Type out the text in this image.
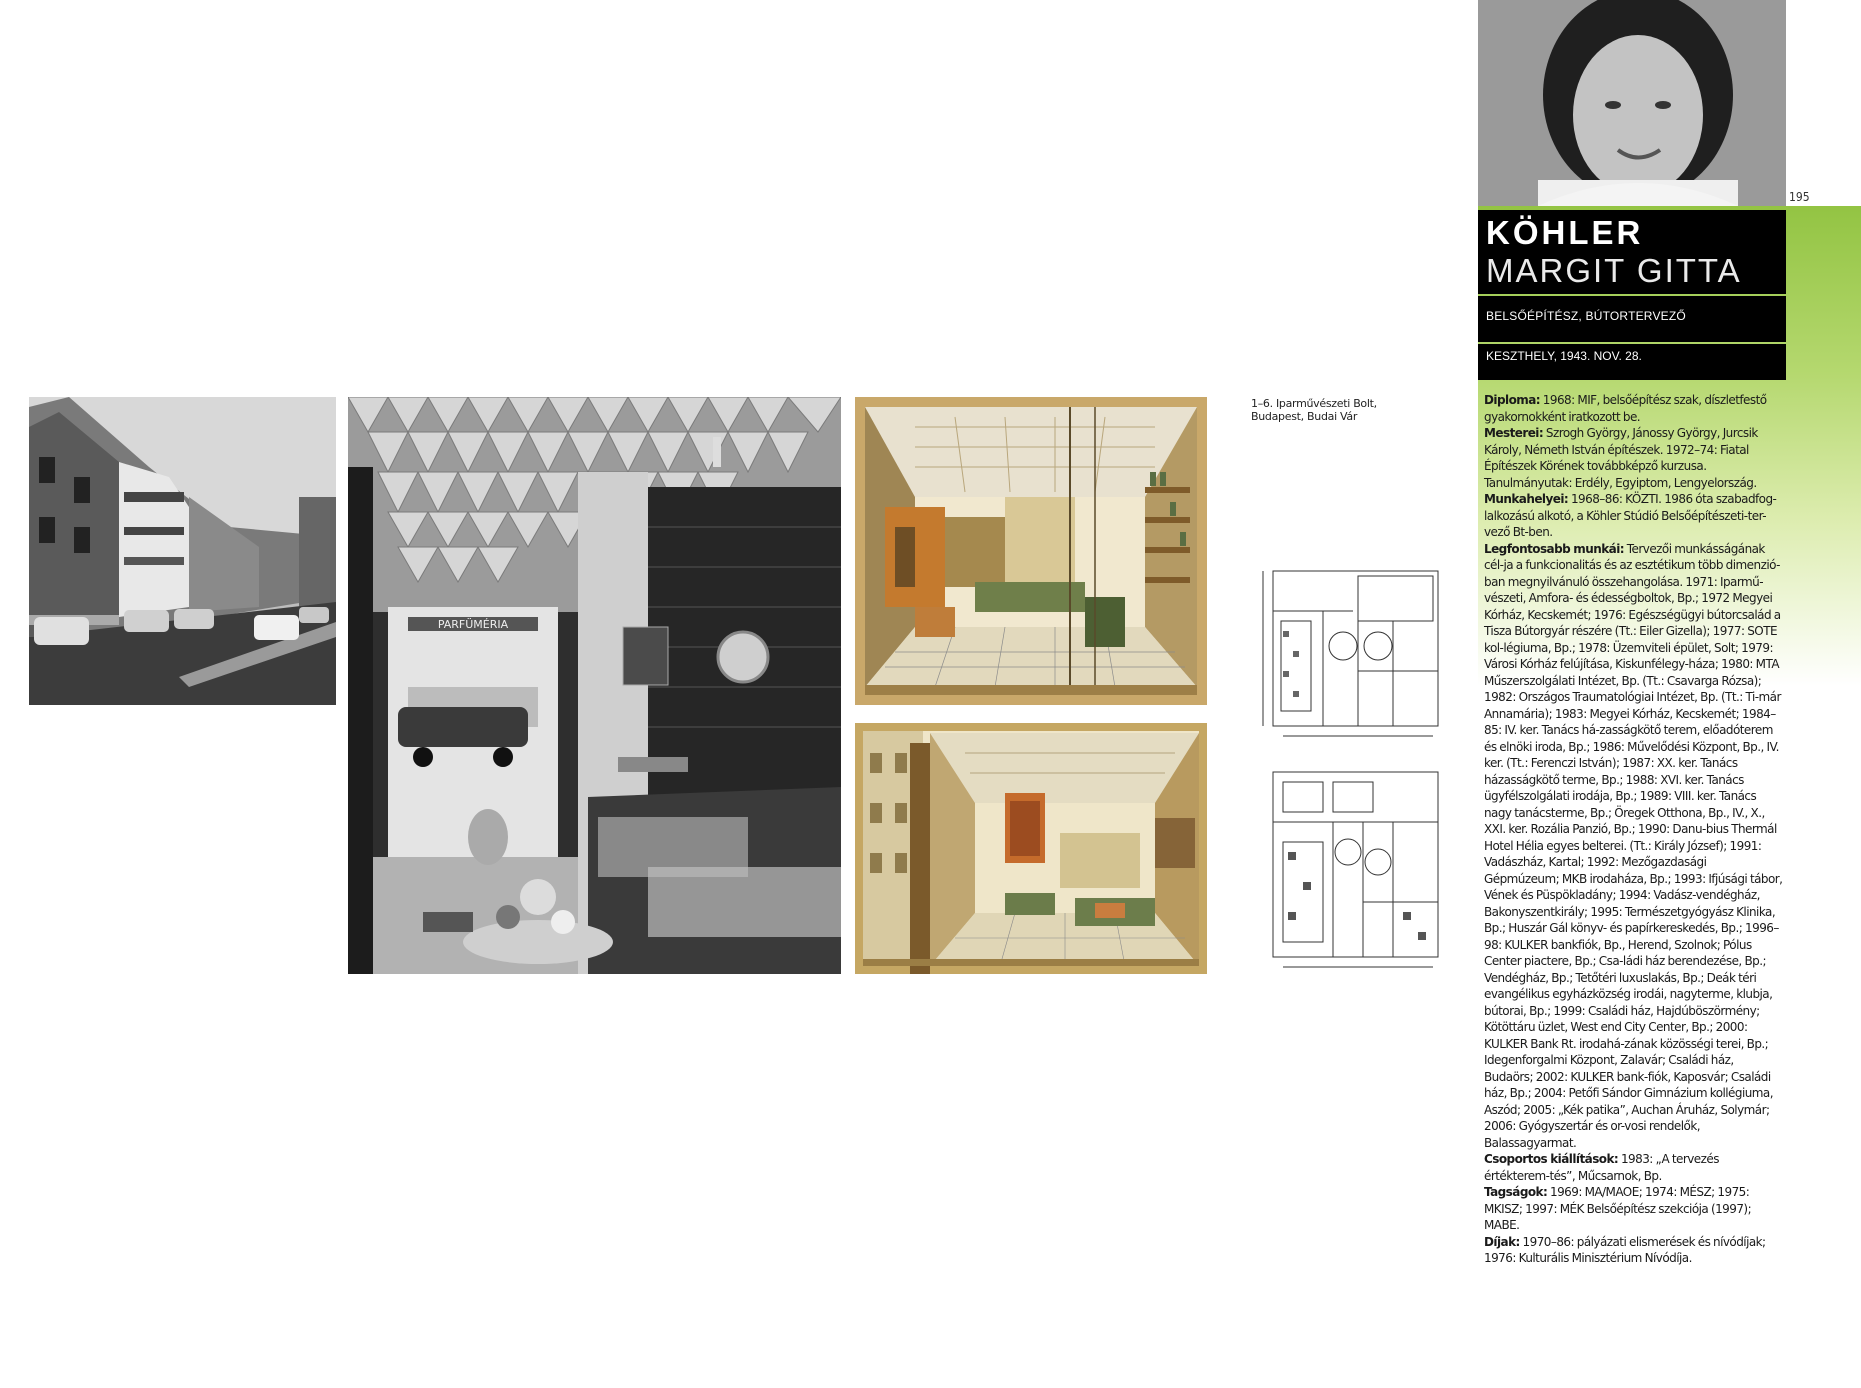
PARFÜMÉRIA
1–6. Iparművészeti Bolt, Budapest, Budai Vár
195
KÖHLER
MARGIT GITTA
BELSŐÉPÍTÉSZ, BÚTORTERVEZŐ
KESZTHELY, 1943. NOV. 28.

Diploma: 1968: MIF, belsőépítész szak, díszletfestő gyakornokként iratkozott be.

Mesterei: Szrogh György, Jánossy György, Jurcsik Károly, Németh István építészek. 1972–74: Fiatal Építészek Körének továbbképző kurzusa. Tanulmányutak: Erdély, Egyiptom, Lengyelország.

Munkahelyei: 1968–86: KÖZTI. 1986 óta szabadfog-lalkozású alkotó, a Köhler Stúdió Belsőépítészeti-ter-vező Bt-ben.

Legfontosabb munkái: Tervezői munkásságának cél-ja a funkcionalitás és az esztétikum több dimenzió-ban megnyilvánuló összehangolása. 1971: Iparmű-vészeti, Amfora- és édességboltok, Bp.; 1972 Megyei Kórház, Kecskemét; 1976: Egészségügyi bútorcsalád a Tisza Bútorgyár részére (Tt.: Eiler Gizella); 1977: SOTE kol-légiuma, Bp.; 1978: Üzemviteli épület, Solt; 1979: Városi Kórház felújítása, Kiskunfélegy-háza; 1980: MTA Műszerszolgálati Intézet, Bp. (Tt.: Csavarga Rózsa); 1982: Országos Traumatológiai Intézet, Bp. (Tt.: Ti-már Annamária); 1983: Megyei Kórház, Kecskemét; 1984–85: IV. ker. Tanács há-zasságkötő terem, előadóterem és elnöki iroda, Bp.; 1986: Művelődési Központ, Bp., IV. ker. (Tt.: Ferenczi István); 1987: XX. ker. Tanács házasságkötő terme, Bp.; 1988: XVI. ker. Tanács ügyfélszolgálati irodája, Bp.; 1989: VIII. ker. Tanács nagy tanácsterme, Bp.; Öregek Otthona, Bp., IV., X., XXI. ker. Rozália Panzió, Bp.; 1990: Danu-bius Thermál Hotel Hélia egyes belterei. (Tt.: Király József); 1991: Vadászház, Kartal; 1992: Mezőgazdasági Gépmúzeum; MKB irodaháza, Bp.; 1993: Ifjúsági tábor, Vének és Püspökladány; 1994: Vadász-vendégház, Bakonyszentkirály; 1995: Természetgyógyász Klinika, Bp.; Huszár Gál könyv- és papírkereskedés, Bp.; 1996–98: KULKER bankfiók, Bp., Herend, Szolnok; Pólus Center piactere, Bp.; Csa-ládi ház berendezése, Bp.; Vendégház, Bp.; Tetőtéri luxuslakás, Bp.; Deák téri evangélikus egyházközség irodái, nagyterme, klubja, bútorai, Bp.; 1999: Családi ház, Hajdúböszörmény; Kötöttáru üzlet, West end City Center, Bp.; 2000: KULKER Bank Rt. irodahá-zának közösségi terei, Bp.; Idegenforgalmi Központ, Zalavár; Családi ház, Budaörs; 2002: KULKER bank-fiók, Kaposvár; Családi ház, Bp.; 2004: Petőfi Sándor Gimnázium kollégiuma, Aszód; 2005: „Kék patika”, Auchan Áruház, Solymár; 2006: Gyógyszertár és or-vosi rendelők, Balassagyarmat.

Csoportos kiállítások: 1983: „A tervezés értékterem-tés”, Műcsarnok, Bp.

Tagságok: 1969: MA/MAOE; 1974: MÉSZ; 1975: MKISZ; 1997: MÉK Belsőépítész szekciója (1997); MABE.

Díjak: 1970–86: pályázati elismerések és nívódíjak; 1976: Kulturális Minisztérium Nívódíja.
